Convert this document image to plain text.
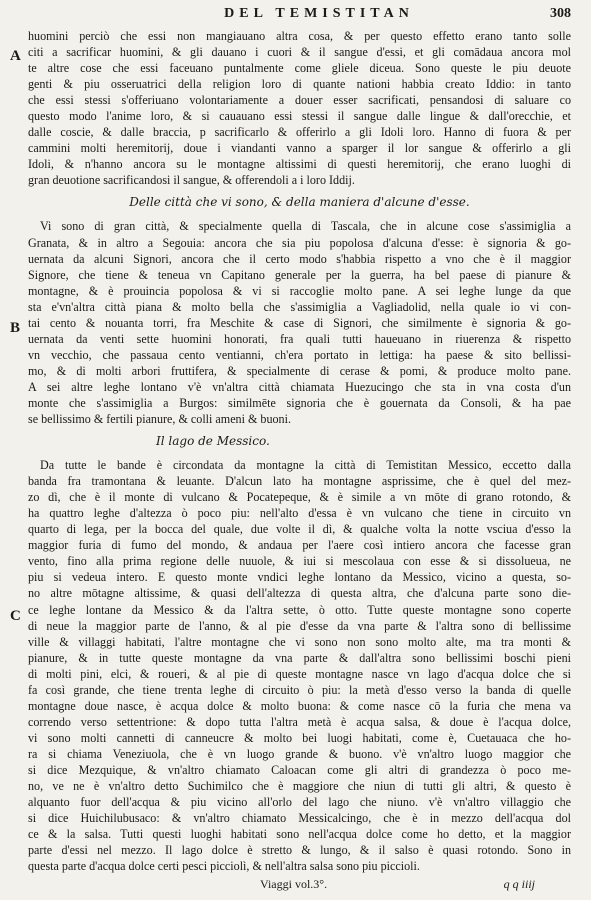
DEL TEMISTITAN	308
A
B
C
huomini perciò che essi non mangiauano altra cosa, & per questo effetto erano tanto solle
citi a sacrificar huomini, & gli dauano i cuori & il sangue d'essi, et gli comādaua ancora mol
te altre cose che essi faceuano puntalmente come gliele diceua. Sono queste le piu deuote
genti & piu osseruatrici della religion loro di quante nationi habbia creato Iddio: in tanto
che essi stessi s'offeriuano volontariamente a douer esser sacrificati, pensandosi di saluare co
questo modo l'anime loro, & si cauauano essi stessi il sangue dalle lingue & dall'orecchie, et
dalle coscie, & dalle braccia, p sacrificarlo & offerirlo a gli Idoli loro. Hanno di fuora & per
cammini molti heremitorij, doue i viandanti vanno a sparger il lor sangue & offerirlo a gli
Idoli, & n'hanno ancora su le montagne altissimi di questi heremitorij, che erano luoghi di
gran deuotione sacrificandosi il sangue, & offerendoli a i loro Iddij.
Delle città che vi sono, & della maniera d'alcune d'esse.
Vi sono di gran città, & specialmente quella di Tascala, che in alcune cose s'assimiglia a
Granata, & in altro a Segouia: ancora che sia piu popolosa d'alcuna d'esse: è signoria & go-
uernata da alcuni Signori, ancora che il certo modo s'habbia rispetto a vno che è il maggior
Signore, che tiene & teneua vn Capitano generale per la guerra, ha bel paese di pianure &
montagne, & è prouincia popolosa & vi si raccoglie molto pane. A sei leghe lunge da que
sta e'vn'altra città piana & molto bella che s'assimiglia a Vagliadolid, nella quale io vi con-
tai cento & nouanta torri, fra Meschite & case di Signori, che similmente è signoria & go-
uernata da venti sette huomini honorati, fra quali tutti haueuano in riuerenza & rispetto
vn vecchio, che passaua cento ventianni, ch'era portato in lettiga: ha paese & sito bellissi-
mo, & di molti arbori fruttifera, & specialmente di cerase & pomi, & produce molto pane.
A sei altre leghe lontano v'è vn'altra città chiamata Huezucingo che sta in vna costa d'un
monte che s'assimiglia a Burgos: similmēte signoria che è gouernata da Consoli, & ha pae
se bellissimo & fertili pianure, & colli ameni & buoni.
Il lago de Messico.
Da tutte le bande è circondata da montagne la città di Temistitan Messico, eccetto dalla
banda fra tramontana & leuante. D'alcun lato ha montagne asprissime, che è quel del mez-
zo dì, che è il monte di vulcano & Pocatepeque, & è simile a vn mōte di grano rotondo, &
ha quattro leghe d'altezza ò poco piu: nell'alto d'essa è vn vulcano che tiene in circuito vn
quarto di lega, per la bocca del quale, due volte il dì, & qualche volta la notte vsciua d'esso la
maggior furia di fumo del mondo, & andaua per l'aere così intiero ancora che facesse gran
vento, fino alla prima regione delle nuuole, & iui si mescolaua con esse & si dissolueua, ne
piu si vedeua intero. E questo monte vndici leghe lontano da Messico, vicino a questa, so-
no altre mōtagne altissime, & quasi dell'altezza di questa altra, che d'alcuna parte sono die-
ce leghe lontane da Messico & da l'altra sette, ò otto. Tutte queste montagne sono coperte
di neue la maggior parte de l'anno, & al pie d'esse da vna parte & l'altra sono di bellissime
ville & villaggi habitati, l'altre montagne che vi sono non sono molto alte, ma tra monti &
pianure, & in tutte queste montagne da vna parte & dall'altra sono bellissimi boschi pieni
di molti pini, elci, & roueri, & al pie di queste montagne nasce vn lago d'acqua dolce che si
fa così grande, che tiene trenta leghe di circuito ò piu: la metà d'esso verso la banda di quelle
montagne doue nasce, è acqua dolce & molto buona: & come nasce cō la furia che mena va
correndo verso settentrione: & dopo tutta l'altra metà è acqua salsa, & doue è l'acqua dolce,
vi sono molti cannetti di canneucre & molto bei luogi habitati, come è, Cuetauaca che ho-
ra si chiama Veneziuola, che è vn luogo grande & buono. v'è vn'altro luogo maggior che
si dice Mezquique, & vn'altro chiamato Caloacan come gli altri di grandezza ò poco me-
no, ve ne è vn'altro detto Suchimilco che è maggiore che niun di tutti gli altri, & questo è
alquanto fuor dell'acqua & piu vicino all'orlo del lago che niuno. v'è vn'altro villaggio che
si dice Huichilubusaco: & vn'altro chiamato Messicalcingo, che è in mezzo dell'acqua dol
ce & la salsa. Tutti questi luoghi habitati sono nell'acqua dolce come ho detto, et la maggior
parte d'essi nel mezzo. Il lago dolce è stretto & lungo, & il salso è quasi rotondo. Sono in
questa parte d'acqua dolce certi pesci picciolì, & nell'altra salsa sono piu piccioli.
Viaggi vol.3°.	q q iiij
